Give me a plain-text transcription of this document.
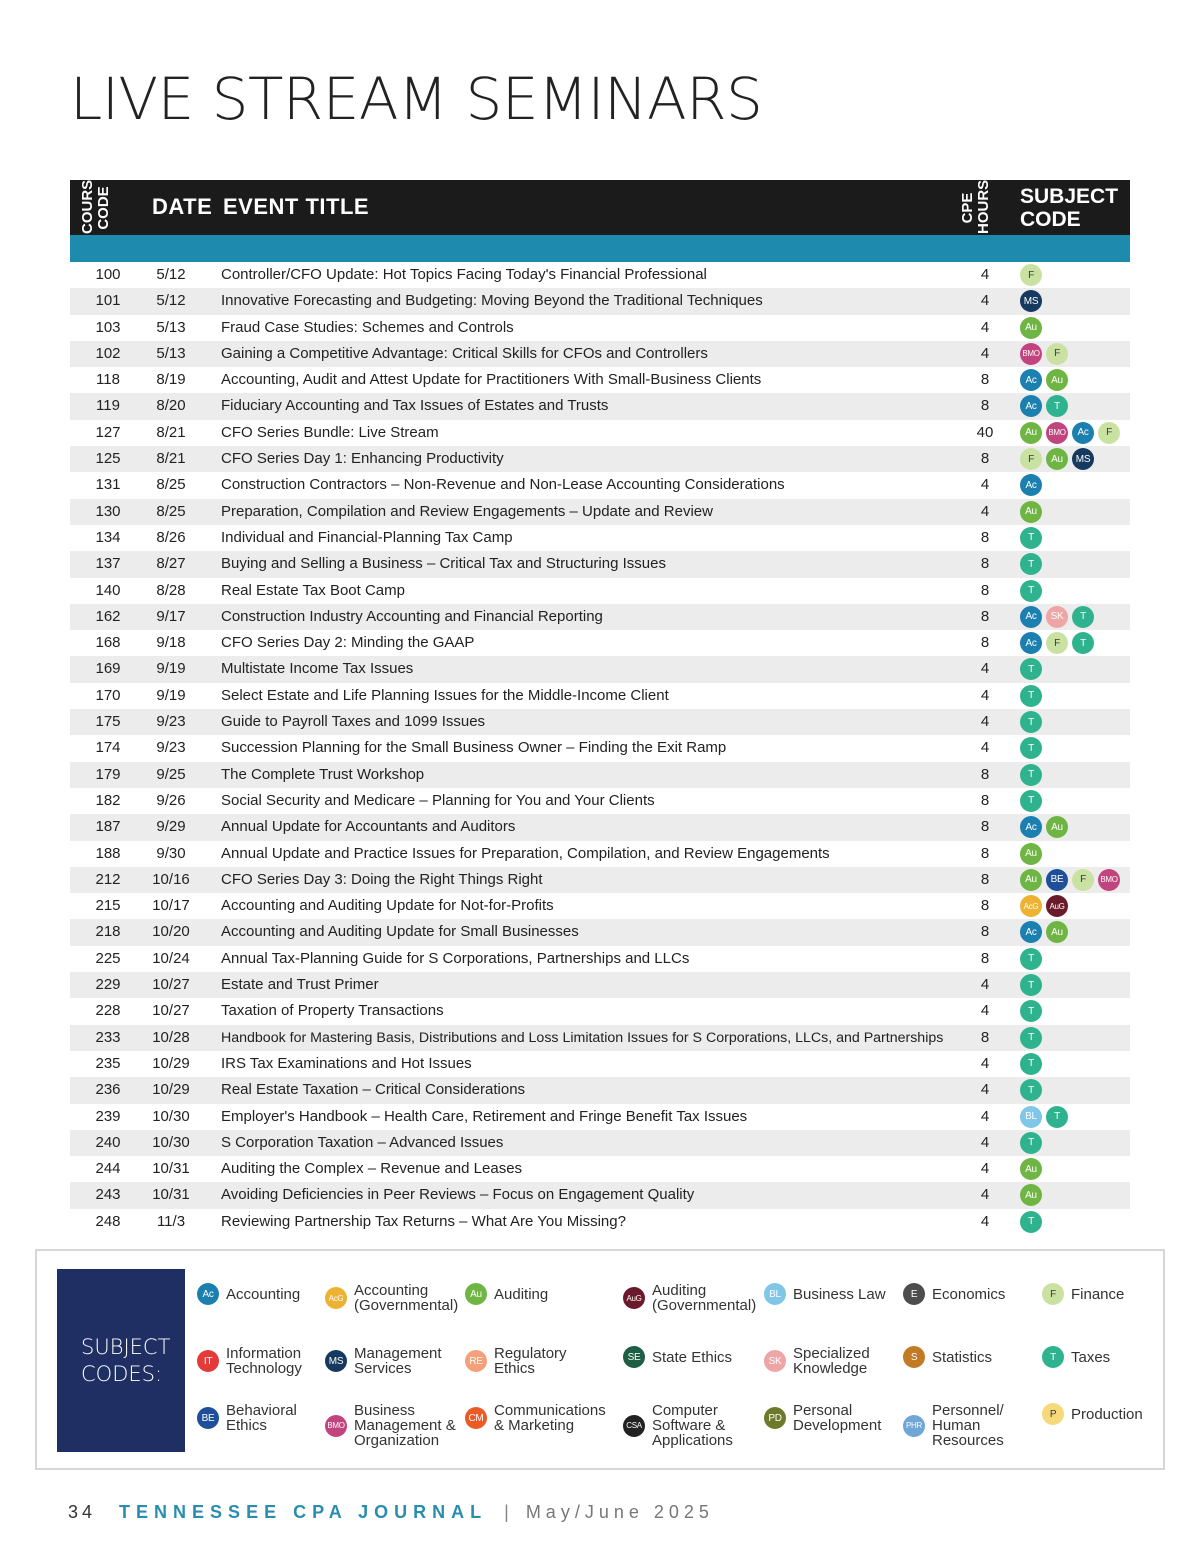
LIVE STREAM SEMINARS
COURSE CODE DATE EVENT TITLE	CPE HOURS SUBJECT CODE
100	5/12	Controller/CFO Update: Hot Topics Facing Today's Financial Professional	4	F
101	5/12	Innovative Forecasting and Budgeting: Moving Beyond the Traditional Techniques	4	MS
103	5/13	Fraud Case Studies: Schemes and Controls	4	Au
102	5/13	Gaining a Competitive Advantage: Critical Skills for CFOs and Controllers	4	BMO	F
118	8/19	Accounting, Audit and Attest Update for Practitioners With Small-Business Clients	8	Ac	Au
119	8/20	Fiduciary Accounting and Tax Issues of Estates and Trusts	8	Ac	T
127	8/21	CFO Series Bundle: Live Stream	40	Au	BMO	Ac	F
125	8/21	CFO Series Day 1: Enhancing Productivity	8	F	Au	MS
131	8/25	Construction Contractors – Non-Revenue and Non-Lease Accounting Considerations	4	Ac
130	8/25	Preparation, Compilation and Review Engagements – Update and Review	4	Au
134	8/26	Individual and Financial-Planning Tax Camp	8	T
137	8/27	Buying and Selling a Business – Critical Tax and Structuring Issues	8	T
140	8/28	Real Estate Tax Boot Camp	8	T
162	9/17	Construction Industry Accounting and Financial Reporting	8	Ac	SK	T
168	9/18	CFO Series Day 2: Minding the GAAP	8	Ac	F	T
169	9/19	Multistate Income Tax Issues	4	T
170	9/19	Select Estate and Life Planning Issues for the Middle-Income Client	4	T
175	9/23	Guide to Payroll Taxes and 1099 Issues	4	T
174	9/23	Succession Planning for the Small Business Owner – Finding the Exit Ramp	4	T
179	9/25	The Complete Trust Workshop	8	T
182	9/26	Social Security and Medicare – Planning for You and Your Clients	8	T
187	9/29	Annual Update for Accountants and Auditors	8	Ac	Au
188	9/30	Annual Update and Practice Issues for Preparation, Compilation, and Review Engagements	8	Au
212	10/16	CFO Series Day 3: Doing the Right Things Right	8	Au	BE	F	BMO
215	10/17	Accounting and Auditing Update for Not-for-Profits	8	AcG	AuG
218	10/20	Accounting and Auditing Update for Small Businesses	8	Ac	Au
225	10/24	Annual Tax-Planning Guide for S Corporations, Partnerships and LLCs	8	T
229	10/27	Estate and Trust Primer	4	T
228	10/27	Taxation of Property Transactions	4	T
233	10/28	Handbook for Mastering Basis, Distributions and Loss Limitation Issues for S Corporations, LLCs, and Partnerships	8	T
235	10/29	IRS Tax Examinations and Hot Issues	4	T
236	10/29	Real Estate Taxation – Critical Considerations	4	T
239	10/30	Employer's Handbook – Health Care, Retirement and Fringe Benefit Tax Issues	4	BL	T
240	10/30	S Corporation Taxation – Advanced Issues	4	T
244	10/31	Auditing the Complex – Revenue and Leases	4	Au
243	10/31	Avoiding Deficiencies in Peer Reviews – Focus on Engagement Quality	4	Au
248	11/3	Reviewing Partnership Tax Returns – What Are You Missing?	4	T
SUBJECT CODES:
Ac Accounting	AcG Accounting
(Governmental)
Au Auditing	AuG Auditing
(Governmental)
BL Business Law	E Economics	F	Finance
IT Information
Technology	MS Management
Services	RE Regulatory
Ethics
SE State Ethics	SK Specialized
Knowledge
S Statistics	T	Taxes
BE Behavioral
Ethics	BMO
Business
Management &
Organization
CM Communications
& Marketing	CSA
Computer
Software &
Applications
PD Personal
Development	PHR
Personnel/
Human
Resources
P Production
34 TENNESSEE CPA JOURNAL | May/June 2025
